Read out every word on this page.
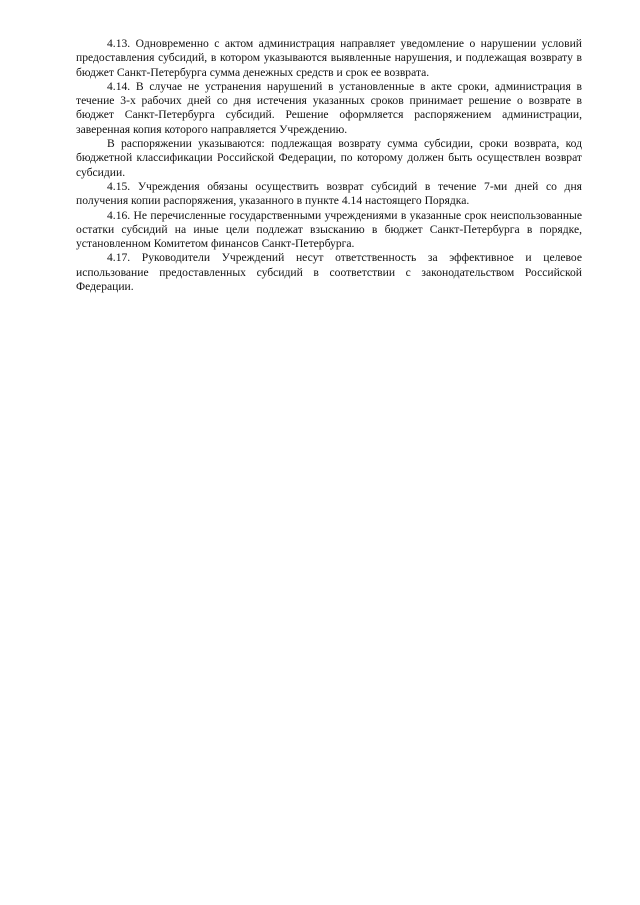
4.13. Одновременно с актом администрация направляет уведомление о нарушении условий предоставления субсидий, в котором указываются выявленные нарушения, и подлежащая возврату в бюджет Санкт-Петербурга сумма денежных средств и срок ее возврата.

4.14. В случае не устранения нарушений в установленные в акте сроки, администрация в течение 3-х рабочих дней со дня истечения указанных сроков принимает решение о возврате в бюджет Санкт-Петербурга субсидий. Решение оформляется распоряжением администрации, заверенная копия которого направляется Учреждению.

В распоряжении указываются: подлежащая возврату сумма субсидии, сроки возврата, код бюджетной классификации Российской Федерации, по которому должен быть осуществлен возврат субсидии.

4.15. Учреждения обязаны осуществить возврат субсидий в течение 7-ми дней со дня получения копии распоряжения, указанного в пункте 4.14 настоящего Порядка.

4.16. Не перечисленные государственными учреждениями в указанные срок неиспользованные остатки субсидий на иные цели подлежат взысканию в бюджет Санкт-Петербурга в порядке, установленном Комитетом финансов Санкт-Петербурга.

4.17. Руководители Учреждений несут ответственность за эффективное и целевое использование предоставленных субсидий в соответствии с законодательством Российской Федерации.
